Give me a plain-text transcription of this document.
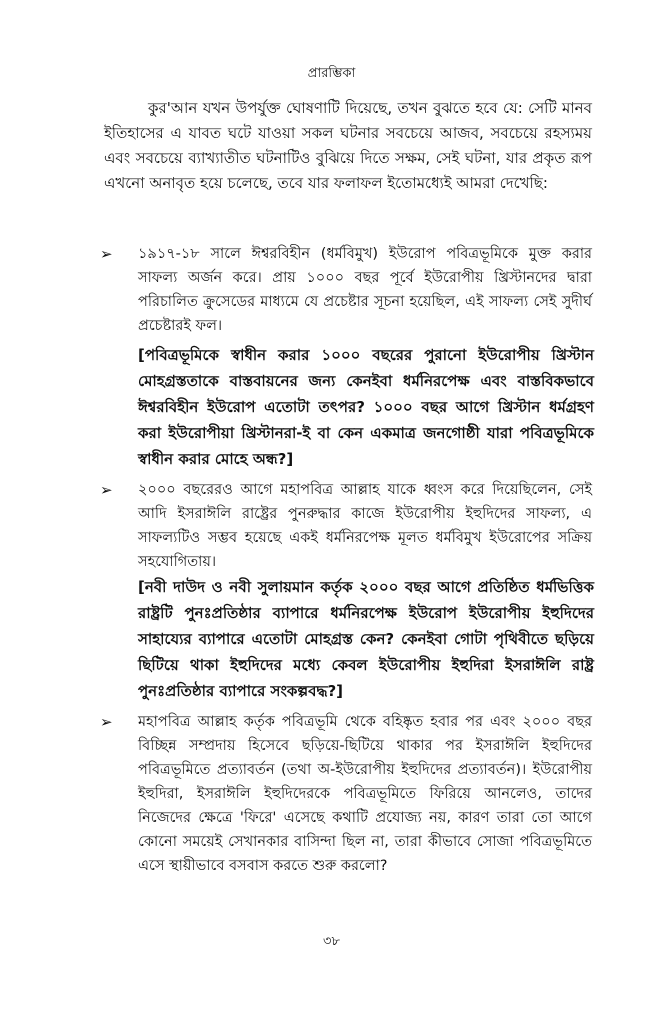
প্রারম্ভিকা

কুর'আন যখন উপর্যুক্ত ঘোষণাটি দিয়েছে, তখন বুঝতে হবে যে: সেটি মানব ইতিহাসের এ যাবত ঘটে যাওয়া সকল ঘটনার সবচেয়ে আজব, সবচেয়ে রহস্যময় এবং সবচেয়ে ব্যাখ্যাতীত ঘটনাটিও বুঝিয়ে দিতে সক্ষম, সেই ঘটনা, যার প্রকৃত রূপ এখনো অনাবৃত হয়ে চলেছে, তবে যার ফলাফল ইতোমধ্যেই আমরা দেখেছি:

➢	১৯১৭-১৮ সালে ঈশ্বরবিহীন (ধর্মবিমুখ) ইউরোপ পবিত্রভূমিকে মুক্ত করার সাফল্য অর্জন করে। প্রায় ১০০০ বছর পূর্বে ইউরোপীয় খ্রিস্টানদের দ্বারা পরিচালিত ক্রুসেডের মাধ্যমে যে প্রচেষ্টার সূচনা হয়েছিল, এই সাফল্য সেই সুদীর্ঘ প্রচেষ্টারই ফল।

[পবিত্রভূমিকে স্বাধীন করার ১০০০ বছরের পুরানো ইউরোপীয় খ্রিস্টান মোহগ্রস্ততাকে বাস্তবায়নের জন্য কেনইবা ধর্মনিরপেক্ষ এবং বাস্তবিকভাবে ঈশ্বরবিহীন ইউরোপ এতোটা তৎপর? ১০০০ বছর আগে খ্রিস্টান ধর্মগ্রহণ করা ইউরোপীয়া খ্রিস্টানরা-ই বা কেন একমাত্র জনগোষ্ঠী যারা পবিত্রভূমিকে স্বাধীন করার মোহে অন্ধ?]

➢	২০০০ বছরেরও আগে মহাপবিত্র আল্লাহ যাকে ধ্বংস করে দিয়েছিলেন, সেই আদি ইসরাঈলি রাষ্ট্রের পুনরুদ্ধার কাজে ইউরোপীয় ইহুদিদের সাফল্য, এ সাফল্যটিও সম্ভব হয়েছে একই ধর্মনিরপেক্ষ মূলত ধর্মবিমুখ ইউরোপের সক্রিয় সহযোগিতায়।

[নবী দাউদ ও নবী সুলায়মান কর্তৃক ২০০০ বছর আগে প্রতিষ্ঠিত ধর্মভিত্তিক রাষ্ট্রটি পুনঃপ্রতিষ্ঠার ব্যাপারে ধর্মনিরপেক্ষ ইউরোপ ইউরোপীয় ইহুদিদের সাহায্যের ব্যাপারে এতোটা মোহগ্রস্ত কেন? কেনইবা গোটা পৃথিবীতে ছড়িয়ে ছিটিয়ে থাকা ইহুদিদের মধ্যে কেবল ইউরোপীয় ইহুদিরা ইসরাঈলি রাষ্ট্র পুনঃপ্রতিষ্ঠার ব্যাপারে সংকল্পবদ্ধ?]

➢	মহাপবিত্র আল্লাহ কর্তৃক পবিত্রভূমি থেকে বহিষ্কৃত হবার পর এবং ২০০০ বছর বিচ্ছিন্ন সম্প্রদায় হিসেবে ছড়িয়ে-ছিটিয়ে থাকার পর ইসরাঈলি ইহুদিদের পবিত্রভূমিতে প্রত্যাবর্তন (তথা অ-ইউরোপীয় ইহুদিদের প্রত্যাবর্তন)। ইউরোপীয় ইহুদিরা, ইসরাঈলি ইহুদিদেরকে পবিত্রভূমিতে ফিরিয়ে আনলেও, তাদের নিজেদের ক্ষেত্রে 'ফিরে' এসেছে কথাটি প্রযোজ্য নয়, কারণ তারা তো আগে কোনো সময়েই সেখানকার বাসিন্দা ছিল না, তারা কীভাবে সোজা পবিত্রভূমিতে এসে স্থায়ীভাবে বসবাস করতে শুরু করলো?

৩৮
